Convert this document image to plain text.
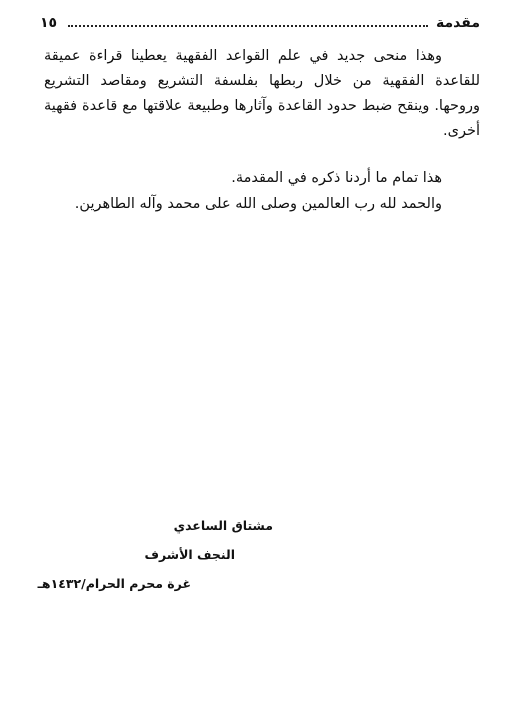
مقدمة
١٥

وهذا منحى جديد في علم القواعد الفقهية يعطينا قراءة عميقة للقاعدة الفقهية من خلال ربطها بفلسفة التشريع ومقاصد التشريع وروحها. وينقح ضبط حدود القاعدة وآثارها وطبيعة علاقتها مع قاعدة فقهية أخرى.

هذا تمام ما أردنا ذكره في المقدمة.

والحمد لله رب العالمين وصلى الله على محمد وآله الطاهرين.

مشتاق الساعدي
النجف الأشرف
غرة محرم الحرام/١٤٣٢هـ
